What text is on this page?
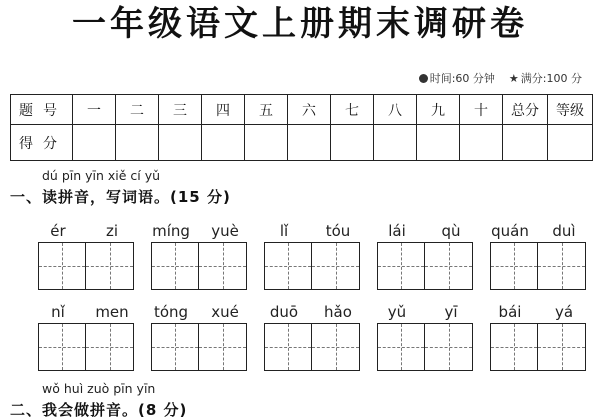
一年级语文上册期末调研卷
时间:60 分钟 ★ 满分:100 分
题号	一	二	三	四	五	六	七	八	九	十	总分	等级
得分												
dú pīn yīn xiě cí yǔ
一、读拼音，写词语。(15 分)
ér	zi	míng	yuè	lǐ	tóu	lái	qù	quán	duì
nǐ	men	tóng	xué	duō	hǎo	yǔ	yī	bái	yá
wǒ huì zuò pīn yīn
二、我会做拼音。(8 分)
